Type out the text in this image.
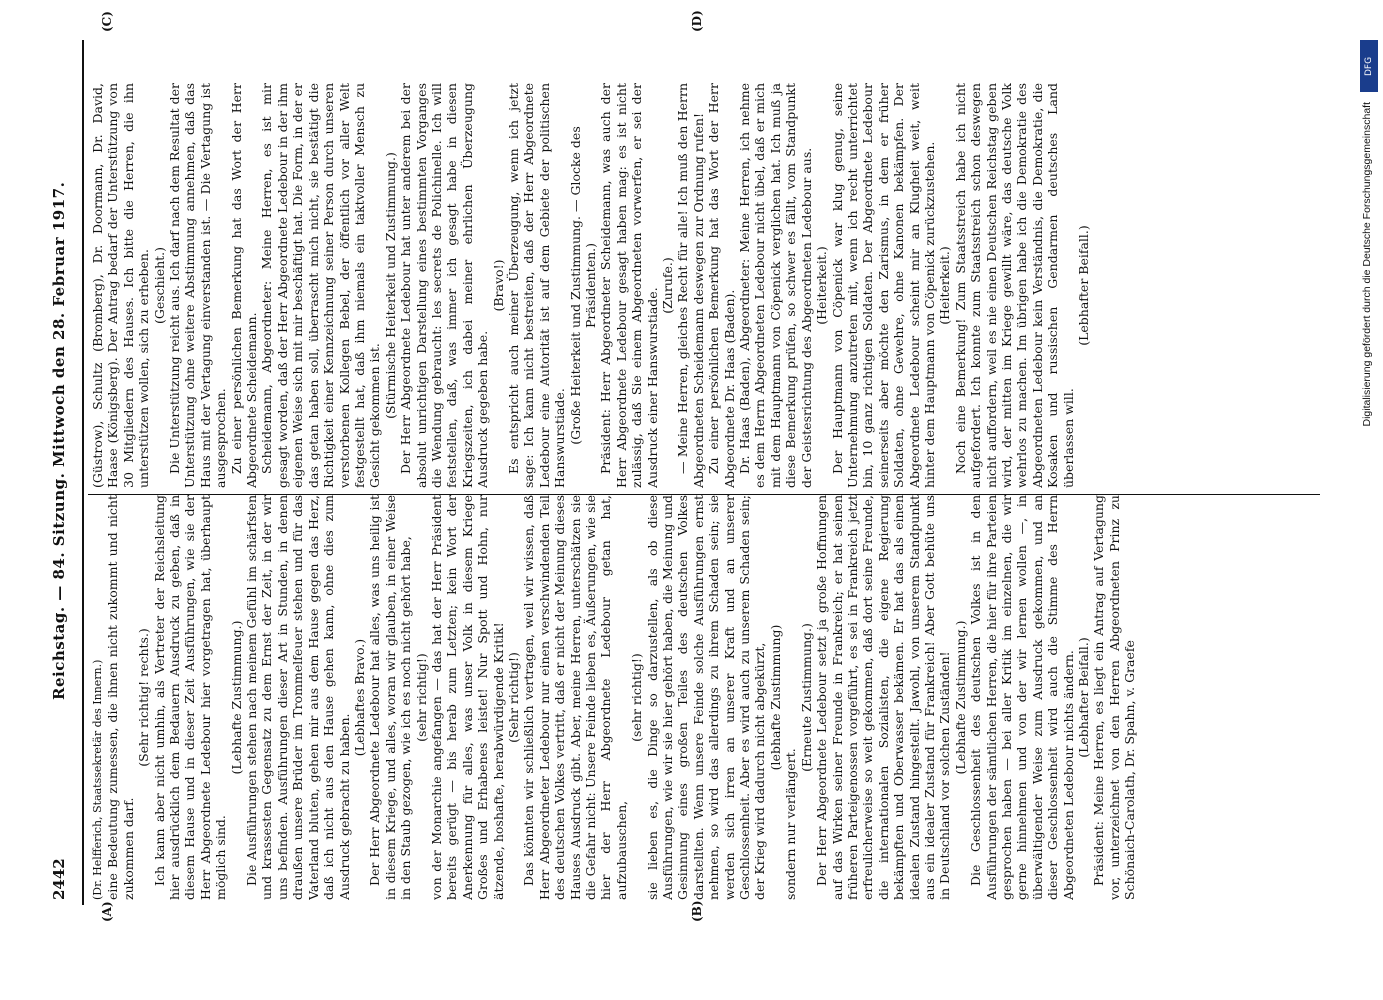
2442
Reichstag. — 84. Sitzung. Mittwoch den 28. Februar 1917.
(A)	(B)
(C)	(D)

(Dr. Helfferich, Staatssekretär des Innern.) eine Bedeutung zumessen, die ihnen nicht zukommt und nicht zukommen darf.

(Sehr richtig! rechts.) Ich kann aber nicht umhin, als Vertreter der Reichsleitung hier ausdrücklich dem Bedauern Ausdruck zu geben, daß in diesem Hause und in dieser Zeit Ausführungen, wie sie der Herr Abgeordnete Ledebour hier vorgetragen hat, überhaupt möglich sind.

(Lebhafte Zustimmung.) Die Ausführungen stehen nach meinem Gefühl im schärfsten und krassesten Gegensatz zu dem Ernst der Zeit, in der wir uns befinden. Ausführungen dieser Art in Stunden, in denen draußen unsere Brüder im Trommelfeuer stehen und für das Vaterland bluten, gehen mir aus dem Hause gegen das Herz, daß ich nicht aus den Hause gehen kann, ohne dies zum Ausdruck gebracht zu haben.

(Lebhaftes Bravo.) Der Herr Abgeordnete Ledebour hat alles, was uns heilig ist in diesem Kriege, und alles, woran wir glauben, in einer Weise in den Staub gezogen, wie ich es noch nicht gehört habe, (sehr richtig!) von der Monarchie angefangen — das hat der Herr Präsident bereits gerügt — bis herab zum Letzten; kein Wort der Anerkennung für alles, was unser Volk in diesem Kriege Großes und Erhabenes leistet! Nur Spott und Hohn, nur ätzende, hoshafte, herabwürdigende Kritik! (Sehr richtig!) Das könnten wir schließlich vertragen, weil wir wissen, daß Herr Abgeordneter Ledebour nur einen verschwindenden Teil des deutschen Volkes vertritt, daß er nicht der Meinung dieses Hauses Ausdruck gibt. Aber, meine Herren, unterschätzen sie die Gefahr nicht: Unsere Feinde lieben es, Äußerungen, wie sie hier der Herr Abgeordnete Ledebour getan hat, aufzubauschen,

(sehr richtig!) sie lieben es, die Dinge so darzustellen, als ob diese Ausführungen, wie wir sie hier gehört haben, die Meinung und Gesinnung eines großen Teiles des deutschen Volkes darstellten. Wenn unsere Feinde solche Ausführungen ernst nehmen, so wird das allerdings zu ihrem Schaden sein; sie werden sich irren an unserer Kraft und an unserer Geschlossenheit. Aber es wird auch zu unserem Schaden sein; der Krieg wird dadurch nicht abgekürzt, (lebhafte Zustimmung)

sondern nur verlängert.

(Erneute Zustimmung.) Der Herr Abgeordnete Ledebour setzt ja große Hoffnungen auf das Wirken seiner Freunde in Frankreich; er hat seinen früheren Parteigenossen vorgeführt, es sei in Frankreich jetzt erfreulicherweise so weit gekommen, daß dort seine Freunde, die internationalen Sozialisten, die eigene Regierung bekämpften und Oberwasser bekämen. Er hat das als einen idealen Zustand hingestellt. Jawohl, von unserem Standpunkt aus ein idealer Zustand für Frankreich! Aber Gott behüte uns in Deutschland vor solchen Zuständen! (Lebhafte Zustimmung.) Die Geschlossenheit des deutschen Volkes ist in den Ausführungen der sämtlichen Herren, die hier für ihre Parteien gesprochen haben — bei aller Kritik im einzelnen, die wir gerne hinnehmen und von der wir lernen wollen —, in überwältigender Weise zum Ausdruck gekommen, und an dieser Geschlossenheit wird auch die Stimme des Herrn Abgeordneten Ledebour nichts ändern. (Lebhafter Beifall.) Präsident: Meine Herren, es liegt ein Antrag auf Vertagung vor, unterzeichnet von den Herren Abgeordneten Prinz zu Schönaich-Carolath, Dr. Spahn, v. Graefe

(Güstrow), Schultz (Bromberg), Dr. Doormann, Dr. David, Haase (Königsberg). Der Antrag bedarf der Unterstützung von 30 Mitgliedern des Hauses. Ich bitte die Herren, die ihn unterstützen wollen, sich zu erheben. (Geschieht.) Die Unterstützung reicht aus. Ich darf nach dem Resultat der Unterstützung ohne weitere Abstimmung annehmen, daß das Haus mit der Vertagung einverstanden ist. — Die Vertagung ist ausgesprochen. Zu einer persönlichen Bemerkung hat das Wort der Herr Abgeordnete Scheidemann. Scheidemann, Abgeordneter: Meine Herren, es ist mir gesagt worden, daß der Herr Abgeordnete Ledebour in der ihm eigenen Weise sich mit mir beschäftigt hat. Die Form, in der er das getan haben soll, überrascht mich nicht, sie bestätigt die Richtigkeit einer Kennzeichnung seiner Person durch unseren verstorbenen Kollegen Bebel, der öffentlich vor aller Welt festgestellt hat, daß ihm niemals ein taktvoller Mensch zu Gesicht gekommen ist. (Stürmische Heiterkeit und Zustimmung.) Der Herr Abgeordnete Ledebour hat unter anderem bei der absolut unrichtigen Darstellung eines bestimmten Vorganges die Wendung gebraucht: les secrets de Polichinelle. Ich will feststellen, daß, was immer ich gesagt habe in diesen Kriegszeiten, ich dabei meiner ehrlichen Überzeugung Ausdruck gegeben habe.

(Bravo!) Es entspricht auch meiner Überzeugung, wenn ich jetzt sage: Ich kann nicht bestreiten, daß der Herr Abgeordnete Ledebour eine Autorität ist auf dem Gebiete der politischen Hanswurstiade. (Große Heiterkeit und Zustimmung. — Glocke des Präsidenten.) Präsident: Herr Abgeordneter Scheidemann, was auch der Herr Abgeordnete Ledebour gesagt haben mag: es ist nicht zulässig, daß Sie einem Abgeordneten vorwerfen, er sei der Ausdruck einer Hanswurstiade.

(Zurufe.) — Meine Herren, gleiches Recht für alle! Ich muß den Herrn Abgeordneten Scheidemann deswegen zur Ordnung rufen! Zu einer persönlichen Bemerkung hat das Wort der Herr Abgeordnete Dr. Haas (Baden). Dr. Haas (Baden), Abgeordneter: Meine Herren, ich nehme es dem Herrn Abgeordneten Ledebour nicht übel, daß er mich mit dem Hauptmann von Cöpenick verglichen hat. Ich muß ja diese Bemerkung prüfen, so schwer es fällt, vom Standpunkt der Geistesrichtung des Abgeordneten Ledebour aus. (Heiterkeit.) Der Hauptmann von Cöpenick war klug genug, seine Unternehmung anzutreten mit, wenn ich recht unterrichtet bin, 10 ganz richtigen Soldaten. Der Abgeordnete Ledebour seinerseits aber möchte den Zarismus, in dem er früher Soldaten, ohne Gewehre, ohne Kanonen bekämpfen. Der Abgeordnete Ledebour scheint mir an Klugheit weit, weit hinter dem Hauptmann von Cöpenick zurückzustehen. (Heiterkeit.) Noch eine Bemerkung! Zum Staatsstreich habe ich nicht aufgefordert. Ich konnte zum Staatsstreich schon deswegen nicht auffordern, weil es nie einen Deutschen Reichstag geben wird, der mitten im Kriege gewillt wäre, das deutsche Volk wehrlos zu machen. Im übrigen habe ich die Demokratie des Abgeordneten Ledebour kein Verständnis, die Demokratie, die Kosaken und russischen Gendarmen deutsches Land überlassen will.

(Lebhafter Beifall.)

DFG
Digitalisierung gefördert durch die Deutsche Forschungsgemeinschaft
